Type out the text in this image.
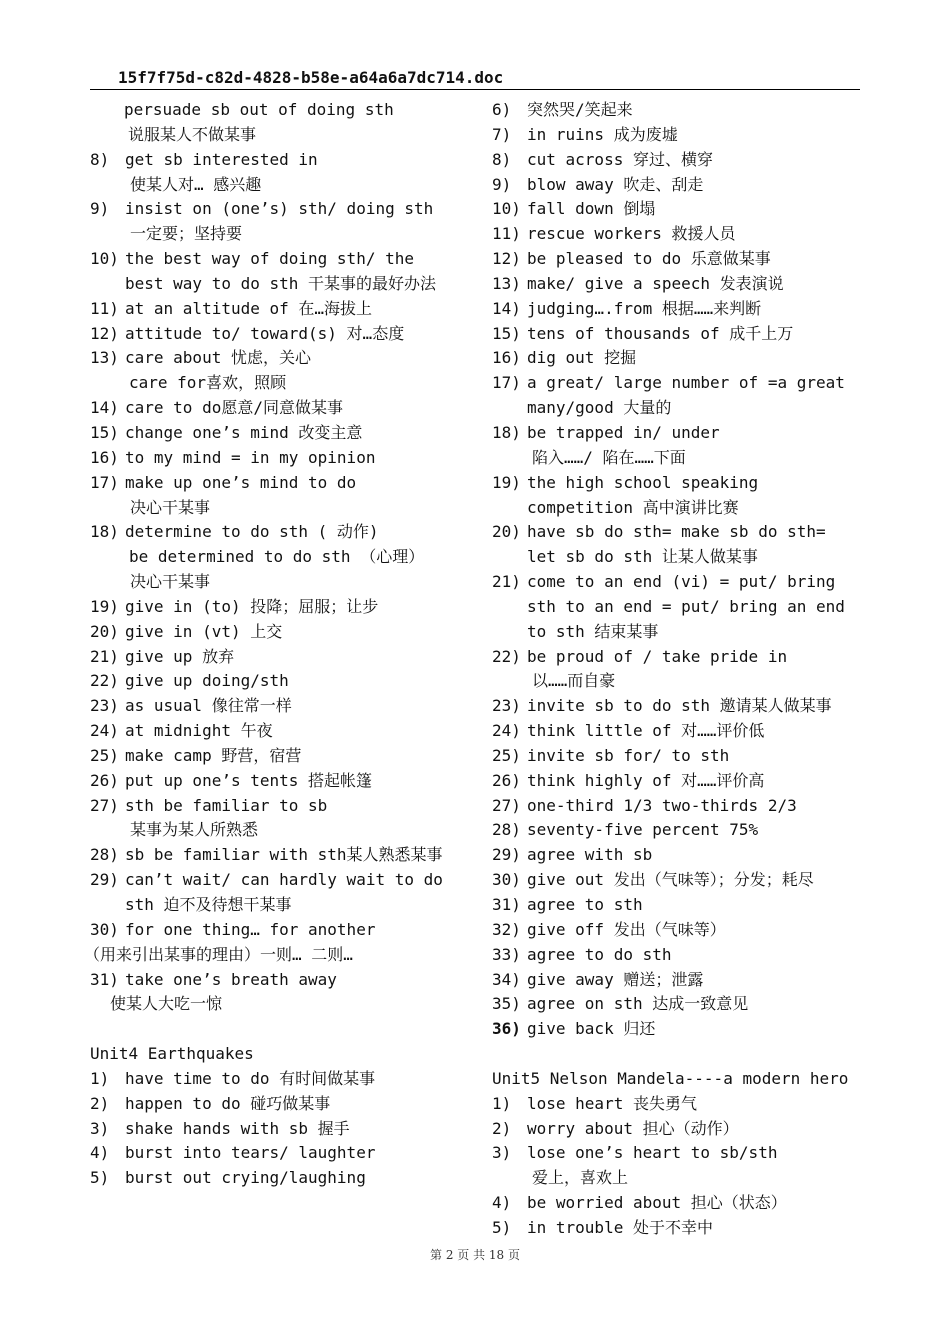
15f7f75d-c82d-4828-b58e-a64a6a7dc714.doc
persuade sb out of doing sth
说服某人不做某事
8) get sb interested in
使某人对… 感兴趣
9) insist on (one’s) sth/ doing sth
一定要；坚持要
10) the best way of doing sth/ the best way to do sth 干某事的最好办法
11) at an altitude of 在…海拔上
12) attitude to/ toward(s) 对…态度
13) care about 忧虑，关心
care for喜欢，照顾
14) care to do愿意/同意做某事
15) change one’s mind 改变主意
16) to my mind = in my opinion
17) make up one’s mind to do
决心干某事
18) determine to do sth ( 动作)
be determined to do sth （心理）
决心干某事
19) give in (to) 投降；屈服；让步
20) give in (vt) 上交
21) give up 放弃
22) give up doing/sth
23) as usual 像往常一样
24) at midnight 午夜
25) make camp 野营，宿营
26) put up one’s tents 搭起帐篷
27) sth be familiar to sb
某事为某人所熟悉
28) sb be familiar with sth某人熟悉某事
29) can’t wait/ can hardly wait to do sth 迫不及待想干某事
30) for one thing… for another
（用来引出某事的理由）一则… 二则…
31) take one’s breath away
使某人大吃一惊
Unit4 Earthquakes
1) have time to do 有时间做某事
2) happen to do 碰巧做某事
3) shake hands with sb 握手
4) burst into tears/ laughter
5) burst out crying/laughing
6) 突然哭/笑起来
7) in ruins 成为废墟
8) cut across 穿过、横穿
9) blow away 吹走、刮走
10) fall down 倒塌
11) rescue workers 救援人员
12) be pleased to do 乐意做某事
13) make/ give a speech 发表演说
14) judging….from 根据……来判断
15) tens of thousands of 成千上万
16) dig out 挖掘
17) a great/ large number of =a great many/good 大量的
18) be trapped in/ under
陷入……/ 陷在……下面
19) the high school speaking competition 高中演讲比赛
20) have sb do sth= make sb do sth= let sb do sth 让某人做某事
21) come to an end (vi) = put/ bring sth to an end = put/ bring an end to sth 结束某事
22) be proud of / take pride in
以……而自豪
23) invite sb to do sth 邀请某人做某事
24) think little of 对……评价低
25) invite sb for/ to sth
26) think highly of 对……评价高
27) one-third 1/3 two-thirds 2/3
28) seventy-five percent 75%
29) agree with sb
30) give out 发出（气味等）；分发；耗尽
31) agree to sth
32) give off 发出（气味等）
33) agree to do sth
34) give away 赠送；泄露
35) agree on sth 达成一致意见
36) give back 归还
Unit5 Nelson Mandela----a modern hero
1) lose heart 丧失勇气
2) worry about 担心（动作）
3) lose one’s heart to sb/sth
爱上，喜欢上
4) be worried about 担心（状态）
5) in trouble 处于不幸中
第 2 页 共 18 页
